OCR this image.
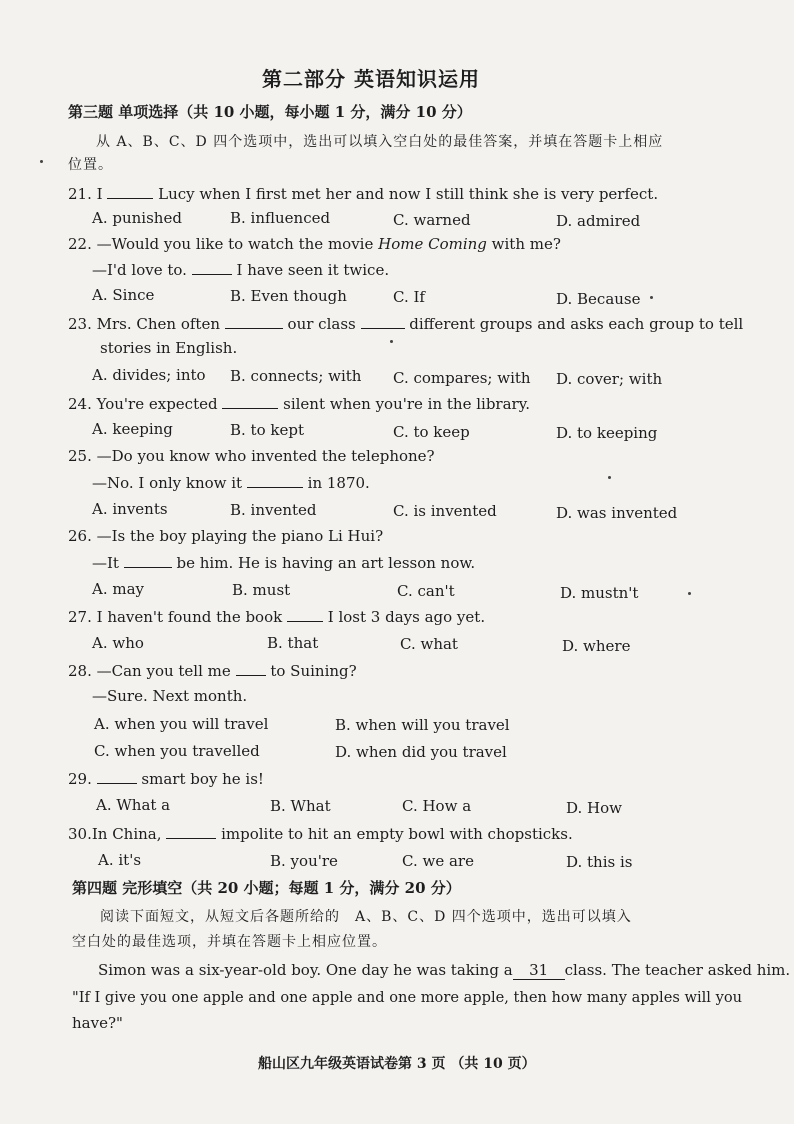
第二部分 英语知识运用
第三题 单项选择（共 10 小题，每小题 1 分，满分 10 分）
从 A、B、C、D 四个选项中，选出可以填入空白处的最佳答案，并填在答题卡上相应
位置。
21. I	Lucy when I first met her and now I still think she is very perfect.
A. punished	B. influenced	C. warned	D. admired
22. —Would you like to watch the movie Home Coming with me?
—I'd love to.	I have seen it twice.
A. Since	B. Even though	C. If	D. Because
23. Mrs. Chen often	our class	different groups and asks each group to tell
stories in English.
A. divides; into B. connects; with C. compares; with D. cover; with
24. You're expected	silent when you're in the library.
A. keeping	B. to kept	C. to keep	D. to keeping
25. —Do you know who invented the telephone?
—No. I only know it	in 1870.
A. invents	B. invented	C. is invented	D. was invented
26. —Is the boy playing the piano Li Hui?
—It	be him. He is having an art lesson now.
A. may	B. must	C. can't	D. mustn't
27. I haven't found the book	I lost 3 days ago yet.
A. who	B. that	C. what	D. where
28. —Can you tell me	to Suining?
—Sure. Next month.
A. when you will travel	B. when will you travel
C. when you travelled	D. when did you travel
29.	smart boy he is!
A. What a	B. What	C. How a	D. How
30.In China,	impolite to hit an empty bowl with chopsticks.
A. it's	B. you're	C. we are	D. this is
第四题 完形填空（共 20 小题；每题 1 分，满分 20 分）
阅读下面短文，从短文后各题所给的　A、B、C、D 四个选项中，选出可以填入
空白处的最佳选项，并填在答题卡上相应位置。
Simon was a six-year-old boy. One day he was taking a 31 class. The teacher asked him.
"If I give you one apple and one apple and one more apple, then how many apples will you
have?"
船山区九年级英语试卷第 3 页 （共 10 页）
